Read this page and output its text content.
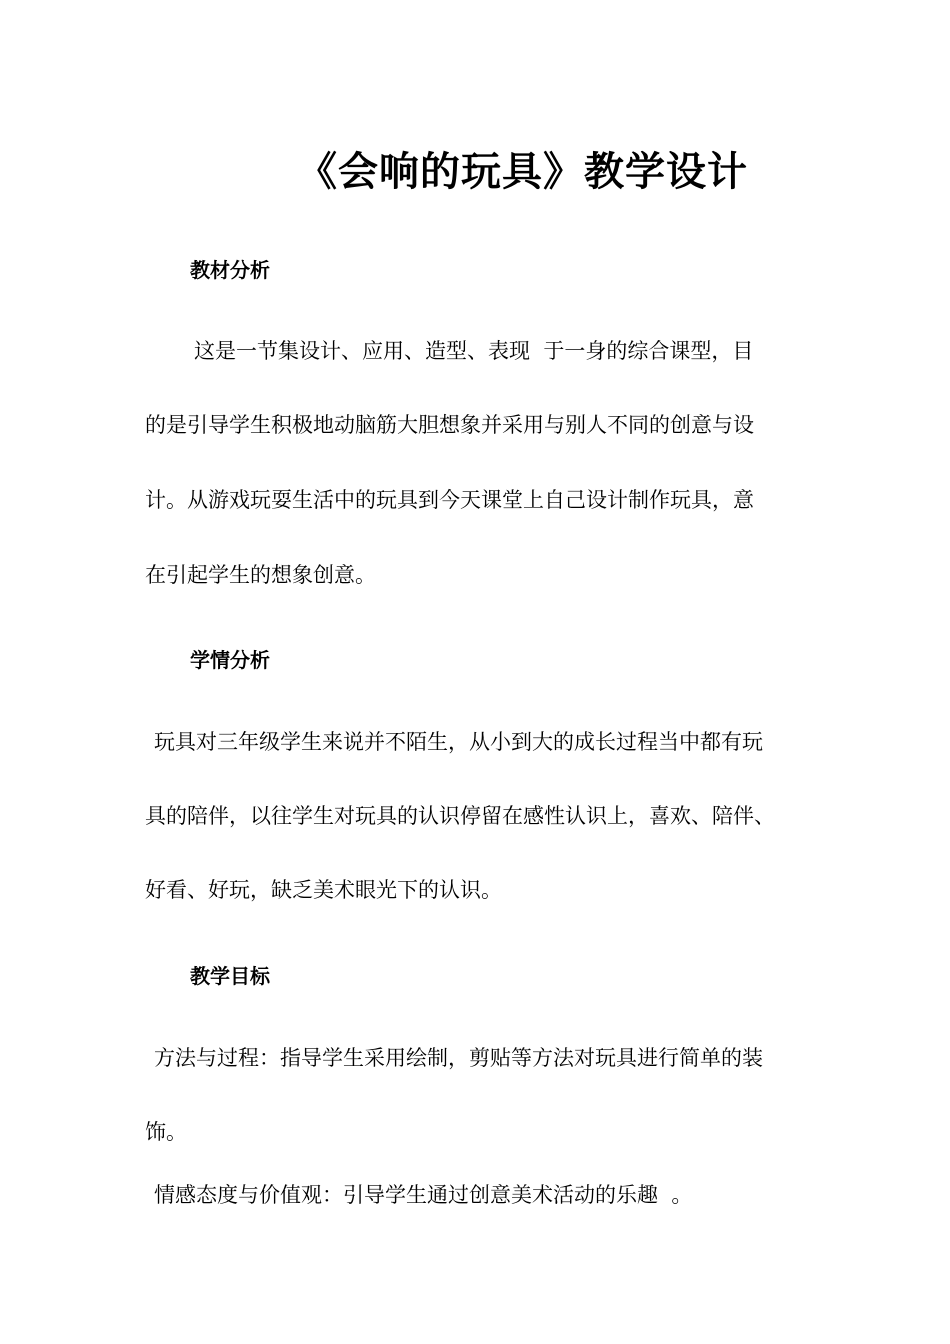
《会响的玩具》教学设计
教材分析
这是一节集设计、应用、造型、表现  于一身的综合课型，目
的是引导学生积极地动脑筋大胆想象并采用与别人不同的创意与设
计。从游戏玩耍生活中的玩具到今天课堂上自己设计制作玩具，意
在引起学生的想象创意。
学情分析
玩具对三年级学生来说并不陌生，从小到大的成长过程当中都有玩
具的陪伴，以往学生对玩具的认识停留在感性认识上，喜欢、陪伴、
好看、好玩，缺乏美术眼光下的认识。
教学目标
方法与过程：指导学生采用绘制，剪贴等方法对玩具进行简单的装
饰。
情感态度与价值观：引导学生通过创意美术活动的乐趣  。
